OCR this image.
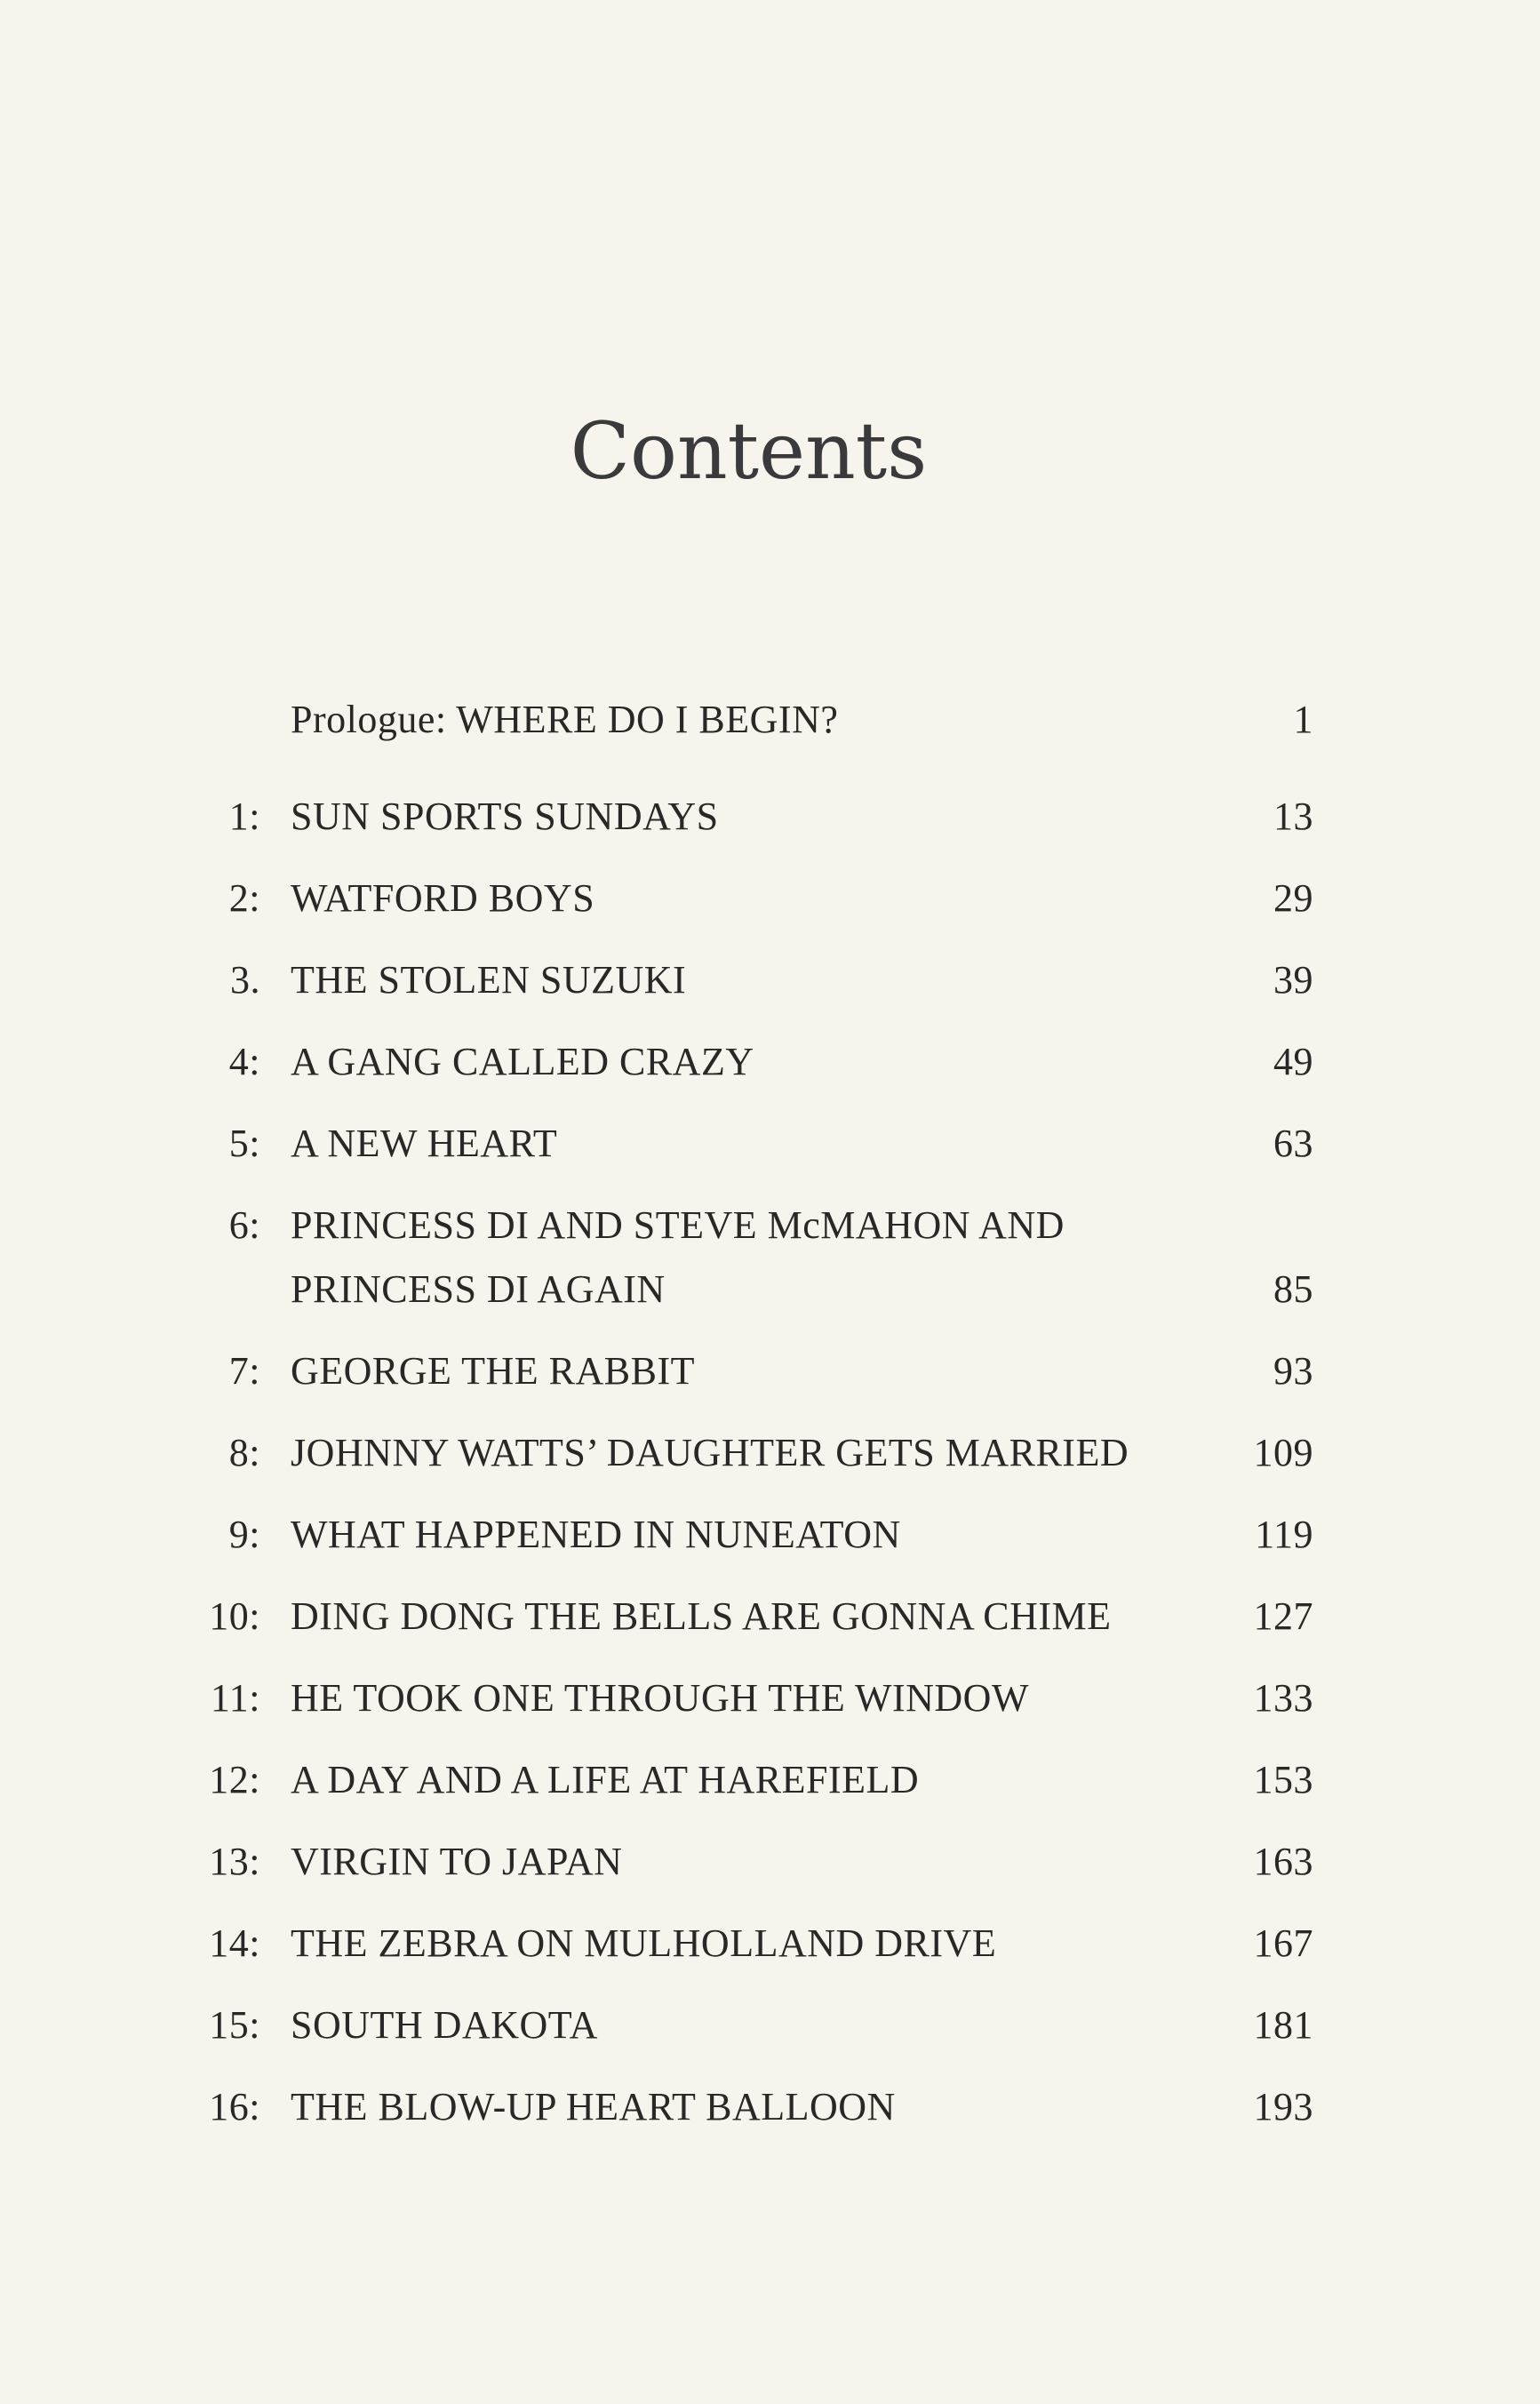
Contents
Prologue: WHERE DO I BEGIN?	1
1: SUN SPORTS SUNDAYS	13
2: WATFORD BOYS	29
3. THE STOLEN SUZUKI	39
4: A GANG CALLED CRAZY	49
5: A NEW HEART	63
6: PRINCESS DI AND STEVE McMAHON AND
PRINCESS DI AGAIN	85
7: GEORGE THE RABBIT	93
8: JOHNNY WATTS’ DAUGHTER GETS MARRIED	109
9: WHAT HAPPENED IN NUNEATON	119
10: DING DONG THE BELLS ARE GONNA CHIME	127
11: HE TOOK ONE THROUGH THE WINDOW	133
12: A DAY AND A LIFE AT HAREFIELD	153
13: VIRGIN TO JAPAN	163
14: THE ZEBRA ON MULHOLLAND DRIVE	167
15: SOUTH DAKOTA	181
16: THE BLOW-UP HEART BALLOON	193
